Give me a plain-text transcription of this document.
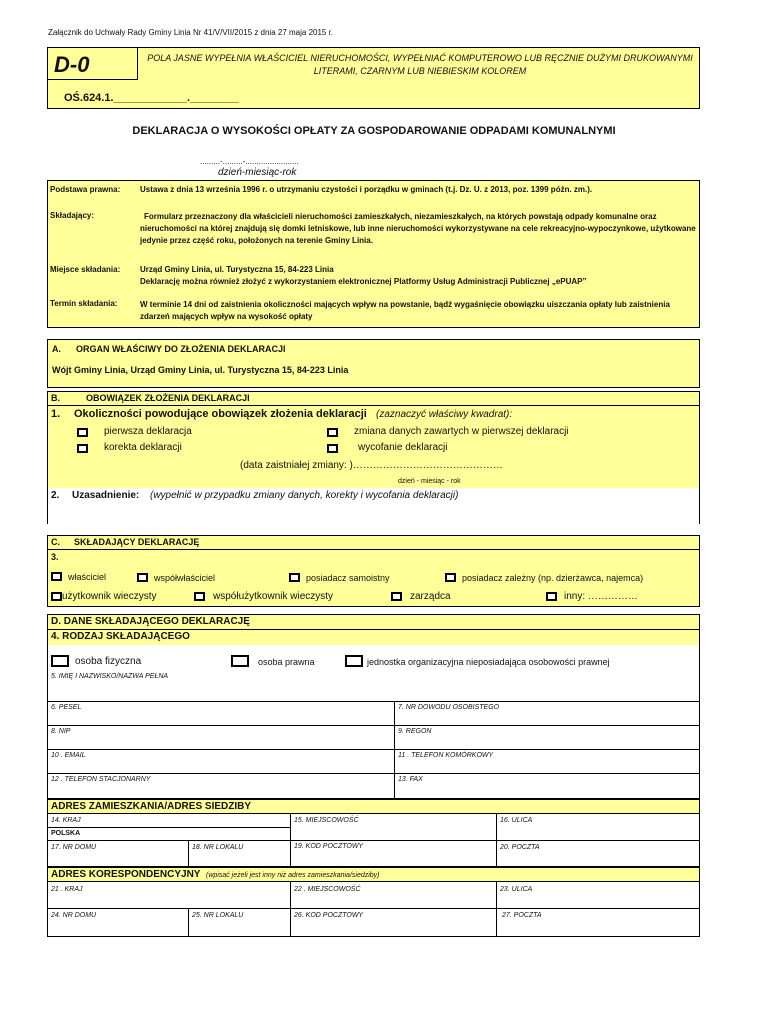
Załącznik do Uchwały Rady Gminy Linia Nr 41/V/VII/2015 z dnia 27 maja 2015 r.
D-0	POLA JASNE WYPEŁNIA WŁAŚCICIEL NIERUCHOMOŚCI, WYPEŁNIAĆ KOMPUTEROWO LUB RĘCZNIE DUŻYMI DRUKOWANYMI LITERAMI, CZARNYM LUB NIEBIESKIM KOLOREM
OŚ.624.1.____________.________
DEKLARACJA O WYSOKOŚCI OPŁATY ZA GOSPODAROWANIE ODPADAMI KOMUNALNYMI
.........-.........-........................
dzień-miesiąc-rok
Podstawa prawna: Ustawa z dnia 13 września 1996 r. o utrzymaniu czystości i porządku w gminach (t.j. Dz. U. z 2013, poz. 1399 późn. zm.).
Składający:	Formularz przeznaczony dla właścicieli nieruchomości zamieszkałych, niezamieszkałych, na których powstają odpady komunalne oraz nieruchomości na której znajdują się domki letniskowe, lub inne nieruchomości wykorzystywane na cele rekreacyjno-wypoczynkowe, użytkowane jedynie przez część roku, położonych na terenie Gminy Linia.
Miejsce składania: Urząd Gminy Linia, ul. Turystyczna 15, 84-223 Linia
Deklarację można również złożyć z wykorzystaniem elektronicznej Platformy Usług Administracji Publicznej „ePUAP”
Termin składania:	W terminie 14 dni od zaistnienia okoliczności mających wpływ na powstanie, bądź wygaśnięcie obowiązku uiszczania opłaty lub zaistnienia zdarzeń mających wpływ na wysokość opłaty
A. ORGAN WŁAŚCIWY DO ZŁOŻENIA DEKLARACJI
Wójt Gminy Linia, Urząd Gminy Linia, ul. Turystyczna 15, 84-223 Linia
B.	OBOWIĄZEK ZŁOŻENIA DEKLARACJI
1. Okoliczności powodujące obowiązek złożenia deklaracji (zaznaczyć właściwy kwadrat):
pierwsza deklaracja
korekta deklaracji
zmiana danych zawartych w pierwszej deklaracji
wycofanie deklaracji
(data zaistniałej zmiany: )………………………………………
dzień - miesiąc - rok
2. Uzasadnienie: (wypełnić w przypadku zmiany danych, korekty i wycofania deklaracji)
C. SKŁADAJĄCY DEKLARACJĘ
3.
właściciel	współwłaściciel	posiadacz samoistny	posiadacz zależny (np. dzierżawca, najemca)
użytkownik wieczysty	współużytkownik wieczysty	zarządca	inny: ……………
D. DANE SKŁADAJĄCEGO DEKLARACJĘ
4. RODZAJ SKŁADAJĄCEGO
osoba fizyczna	osoba prawna	jednostka organizacyjna nieposiadająca osobowości prawnej
5. IMIĘ I NAZWISKO/NAZWA PEŁNA
6. PESEL	7. NR DOWODU OSOBISTEGO
8. NIP	9. REGON
10 . EMAIL	11 . TELEFON KOMÓRKOWY
12 . TELEFON STACJONARNY	13. FAX
ADRES ZAMIESZKANIA/ADRES SIEDZIBY
14. KRAJ
POLSKA
15. MIEJSCOWOŚĆ	16. ULICA
17. NR DOMU	18. NR LOKALU	19. KOD POCZTOWY	20. POCZTA
ADRES KORESPONDENCYJNY (wpisać jeżeli jest inny niż adres zamieszkania/siedziby)
21 . KRAJ	22 . MIEJSCOWOŚĆ	23. ULICA
24. NR DOMU	25. NR LOKALU	26. KOD POCZTOWY	27. POCZTA
